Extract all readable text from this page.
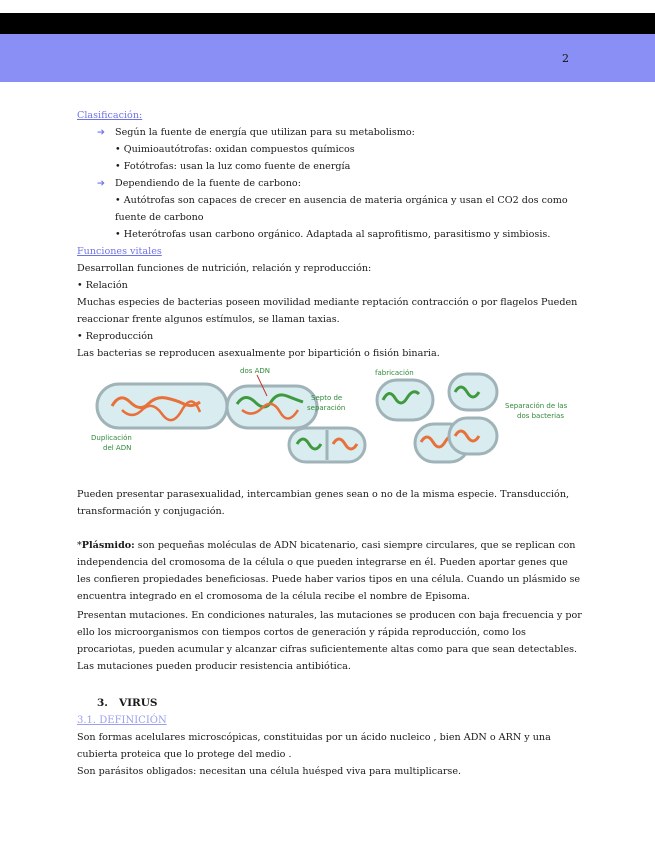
2
Clasificación:
➔ Según la fuente de energía que utilizan para su metabolismo:
• Quimioautótrofas: oxidan compuestos químicos
• Fotótrofas: usan la luz como fuente de energía
➔ Dependiendo de la fuente de carbono:
• Autótrofas son capaces de crecer en ausencia de materia orgánica y usan el CO2 dos como fuente de carbono
• Heterótrofas usan carbono orgánico. Adaptada al saprofitismo, parasitismo y simbiosis.
Funciones vitales
Desarrollan funciones de nutrición, relación y reproducción:
• Relación
Muchas especies de bacterias poseen movilidad mediante reptación contracción o por flagelos Pueden reaccionar frente algunos estímulos, se llaman taxias.
• Reproducción
Las bacterias se reproducen asexualmente por bipartición o fisión binaria.
dos ADN
Duplicación
del ADN
Septo de
separación
fabricación
Separación de las
dos bacterias
Pueden presentar parasexualidad, intercambian genes sean o no de la misma especie. Transducción, transformación y conjugación.
*Plásmido: son pequeñas moléculas de ADN bicatenario, casi siempre circulares, que se replican con independencia del cromosoma de la célula o que pueden integrarse en él. Pueden aportar genes que les confieren propiedades beneficiosas. Puede haber varios tipos en una célula. Cuando un plásmido se encuentra integrado en el cromosoma de la célula recibe el nombre de Episoma.
Presentan mutaciones. En condiciones naturales, las mutaciones se producen con baja frecuencia y por ello los microorganismos con tiempos cortos de generación y rápida reproducción, como los procariotas, pueden acumular y alcanzar cifras suficientemente altas como para que sean detectables. Las mutaciones pueden producir resistencia antibiótica.
3. VIRUS
3.1. DEFINICIÓN
Son formas acelulares microscópicas, constituidas por un ácido nucleico , bien ADN o ARN y una cubierta proteica que lo protege del medio .
Son parásitos obligados: necesitan una célula huésped viva para multiplicarse.
